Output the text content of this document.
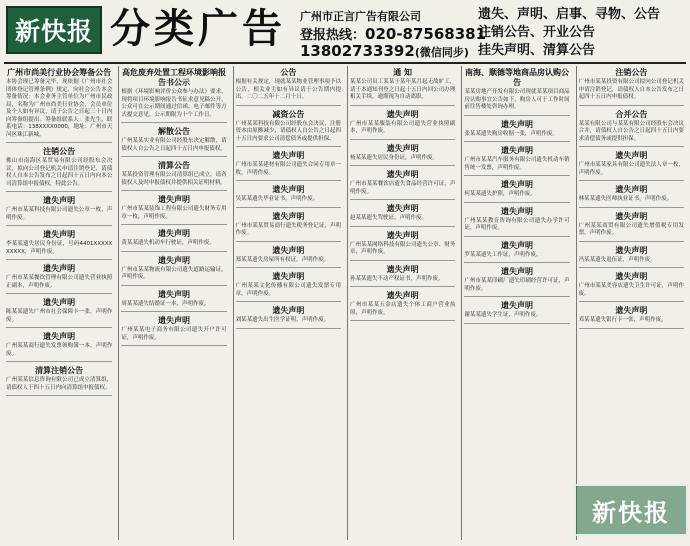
新快报 分类广告 广州市正言广告有限公司
登报热线：020-87568381
13802733392(微信同步)
遗失、声明、启事、寻物、公告
注销公告、开业公告
挂失声明、清算公告
广州市尚美行业协会筹备公告
本协会现已筹备完毕，现依据《广州市社会团体登记管理条例》规定，向社会公告本会筹备情况：本会业务主管单位为广州市民政局，名称为广州市尚美行业协会，会员单位及个人如有异议，请于公告之日起三十日内向筹备组提出。筹备组联系人：张先生，联系电话：138XXXX0000，地址：广州市天河区珠江新城。
注销公告
佛山市南海区某贸易有限公司经股东会决议，拟向公司登记机关申请注销登记，请债权人自本公告发布之日起四十五日内向本公司清算组申报债权，特此公告。
遗失声明
广州市某某科技有限公司遗失公章一枚，声明作废。
遗失声明
李某某遗失居民身份证，号码4401XXXXXXXXXX，声明作废。
遗失声明
广州市某某餐饮管理有限公司遗失营业执照正副本，声明作废。
遗失声明
陈某某遗失广州市社会保障卡一张，声明作废。
遗失声明
广州某某商行遗失发票领购簿一本，声明作废。
清算注销公告
广州某某信息咨询有限公司已成立清算组，请债权人于四十五日内向清算组申报债权。
高危废弃处置工程环境影响报告书公示
根据《环境影响评价公众参与办法》要求，现将项目环境影响报告书征求意见稿公开，公众可在公示期间通过信函、电子邮件等方式提交意见。公示期限为十个工作日。
解散公告
广州某某实业有限公司经股东决定解散，请债权人自公告之日起四十五日内申报债权。
清算公告
某某投资管理有限公司清算组已成立，请各债权人及时申报债权并提供相关证明材料。
遗失声明
广州市某某装饰工程有限公司遗失财务专用章一枚，声明作废。
遗失声明
黄某某遗失机动车行驶证，声明作废。
遗失声明
广州市某某物流有限公司遗失道路运输证，声明作废。
遗失声明
周某某遗失结婚证一本，声明作废。
遗失声明
广州某某电子商务有限公司遗失开户许可证，声明作废。
公告
根据有关规定，现就某某物业管理事项予以公告，相关业主如有异议请于公告期内提出。二〇二五年十二月十日。
减资公告
广州某某科技有限公司经股东会决议，注册资本由原额减少，请债权人自公告之日起四十五日内要求公司清偿债务或提供担保。
遗失声明
广州市某某建材有限公司遗失合同专用章一枚，声明作废。
遗失声明
吴某某遗失毕业证书，声明作废。
遗失声明
广州市某某贸易商行遗失税务登记证，声明作废。
遗失声明
郑某某遗失房屋所有权证，声明作废。
遗失声明
广州某某文化传播有限公司遗失发票专用章，声明作废。
遗失声明
刘某某遗失出生医学证明，声明作废。
通 知
某某公司员工某某于某年某月起无故旷工，请于本通知刊登之日起十五日内回公司办理相关手续，逾期视为自动离职。
遗失声明
广州市某某服装有限公司遗失营业执照副本，声明作废。
遗失声明
杨某某遗失居民身份证，声明作废。
遗失声明
广州市某某餐饮店遗失食品经营许可证，声明作废。
遗失声明
赵某某遗失驾驶证，声明作废。
遗失声明
广州某某网络科技有限公司遗失公章、财务章，声明作废。
遗失声明
孙某某遗失不动产权证书，声明作废。
遗失声明
广州市某某五金店遗失个体工商户营业执照，声明作废。
南海、顺德等地商品房认购公告
某某房地产开发有限公司现就某某项目商品房认购事宜公告如下，购房人可于工作时间前往售楼处咨询办理。
遗失声明
张某某遗失购房收据一张，声明作废。
遗失声明
广州市某某汽车服务有限公司遗失机动车销售统一发票，声明作废。
遗失声明
何某某遗失护照，声明作废。
遗失声明
广州某某教育咨询有限公司遗失办学许可证，声明作废。
遗失声明
罗某某遗失工作证，声明作废。
遗失声明
广州市某某印刷厂遗失印刷经营许可证，声明作废。
遗失声明
谢某某遗失学生证，声明作废。
注销公告
广州市某某投资有限公司拟向公司登记机关申请注销登记，请债权人自本公告发布之日起四十五日内申报债权。
合并公告
某某有限公司与某某有限公司经股东会决议合并，请债权人自公告之日起四十五日内要求清偿债务或提供担保。
遗失声明
广州市某某家具有限公司遗失法人章一枚，声明作废。
遗失声明
林某某遗失医师执业证书，声明作废。
遗失声明
广州某某商贸有限公司遗失增值税专用发票，声明作废。
遗失声明
冯某某遗失退伍证，声明作废。
遗失声明
广州市某某美容店遗失卫生许可证，声明作废。
遗失声明
邓某某遗失银行卡一张，声明作废。
新快报
